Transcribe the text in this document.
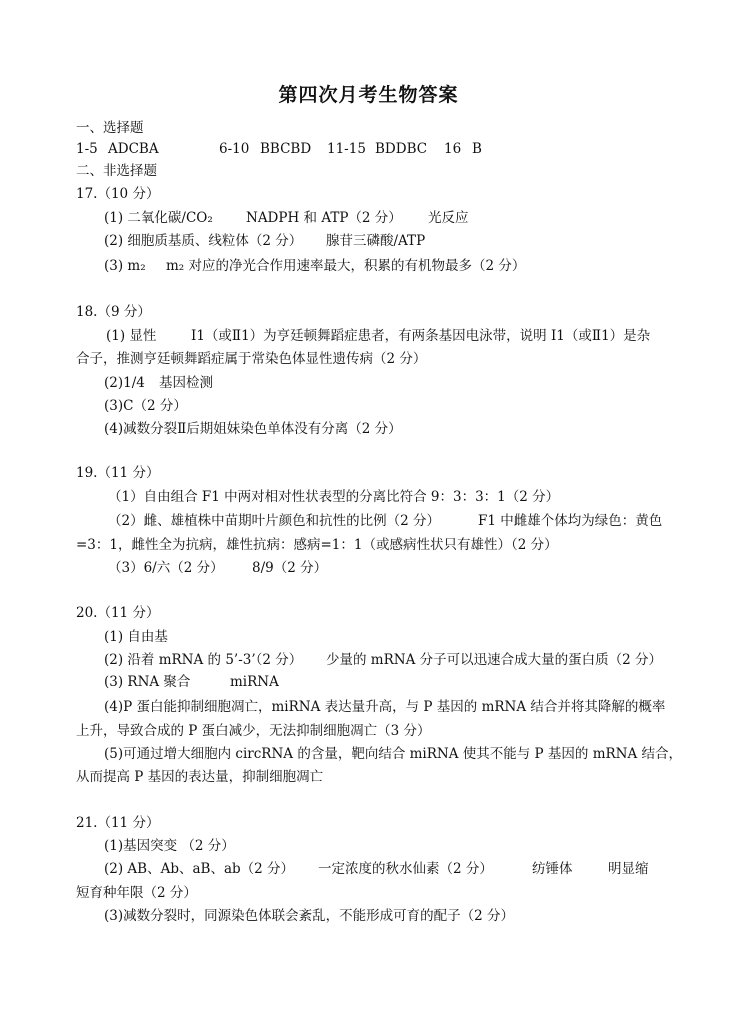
第四次月考生物答案
一、选择题
1-5 ADCBA	6-10 BBCBD 11-15 BDDBC 16 B
二、非选择题
17.（10 分）
(1) 二氧化碳/CO₂ NADPH 和 ATP（2 分） 光反应
(2) 细胞质基质、线粒体（2 分） 腺苷三磷酸/ATP
(3) m₂ m₂ 对应的净光合作用速率最大，积累的有机物最多（2 分）
18.（9 分）
(1) 显性	I1（或Ⅱ1）为亨廷顿舞蹈症患者，有两条基因电泳带，说明 I1（或Ⅱ1）是杂
合子，推测亨廷顿舞蹈症属于常染色体显性遗传病（2 分）
(2)1/4 基因检测
(3)C（2 分）
(4)减数分裂Ⅱ后期姐妹染色单体没有分离（2 分）
19.（11 分）
（1）自由组合 F1 中两对相对性状表型的分离比符合 9：3：3：1（2 分）
（2）雌、雄植株中苗期叶片颜色和抗性的比例（2 分）	F1 中雌雄个体均为绿色：黄色
=3：1，雌性全为抗病，雄性抗病：感病=1：1（或感病性状只有雄性）（2 分）
（3）6/六（2 分） 8/9（2 分）
20.（11 分）
(1) 自由基
(2) 沿着 mRNA 的 5’-3’（2 分） 少量的 mRNA 分子可以迅速合成大量的蛋白质（2 分）
(3) RNA 聚合	miRNA
(4)P 蛋白能抑制细胞凋亡，miRNA 表达量升高，与 P 基因的 mRNA 结合并将其降解的概率
上升，导致合成的 P 蛋白减少，无法抑制细胞凋亡（3 分）
(5)可通过增大细胞内 circRNA 的含量，靶向结合 miRNA 使其不能与 P 基因的 mRNA 结合，
从而提高 P 基因的表达量，抑制细胞凋亡
21.（11 分）
(1)基因突变 （2 分）
(2) AB、Ab、aB、ab（2 分） 一定浓度的秋水仙素（2 分）	纺锤体	明显缩
短育种年限（2 分）
(3)减数分裂时，同源染色体联会紊乱，不能形成可育的配子（2 分）
